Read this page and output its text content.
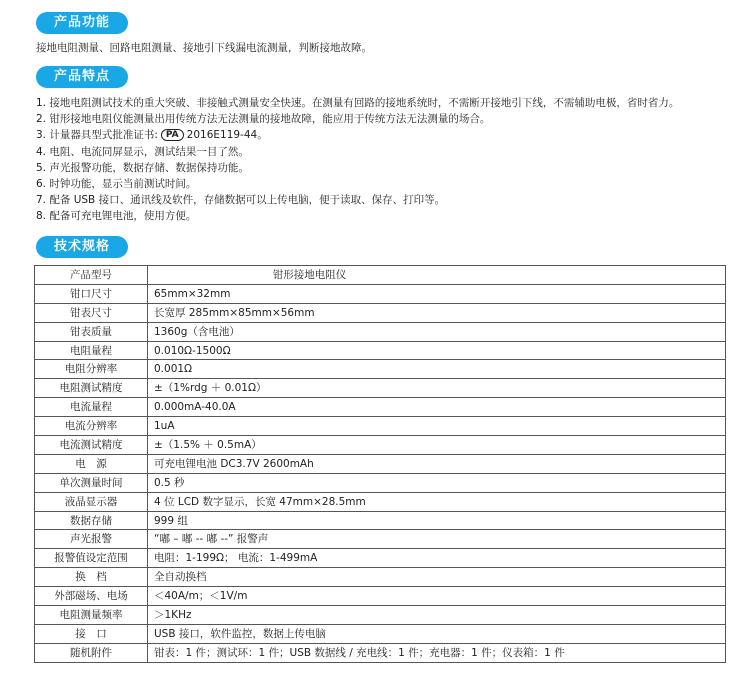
产品功能
接地电阻测量、回路电阻测量、接地引下线漏电流测量，判断接地故障。
产品特点
1. 接地电阻测试技术的重大突破、非接触式测量安全快速。在测量有回路的接地系统时，不需断开接地引下线，不需辅助电极，省时省力。
2. 钳形接地电阻仪能测量出用传统方法无法测量的接地故障，能应用于传统方法无法测量的场合。
3. 计量器具型式批准证书: PA 2016E119-44。
4. 电阻、电流同屏显示，测试结果一目了然。
5. 声光报警功能，数据存储、数据保持功能。
6. 时钟功能，显示当前测试时间。
7. 配备 USB 接口、通讯线及软件，存储数据可以上传电脑，便于读取、保存、打印等。
8. 配备可充电锂电池，使用方便。
技术规格
产品型号	钳形接地电阻仪
钳口尺寸	65mm×32mm
钳表尺寸	长宽厚 285mm×85mm×56mm
钳表质量	1360g（含电池）
电阻量程	0.010Ω-1500Ω
电阻分辨率	0.001Ω
电阻测试精度	±（1%rdg ＋ 0.01Ω）
电流量程	0.000mA-40.0A
电流分辨率	1uA
电流测试精度	±（1.5% ＋ 0.5mA）
电　源	可充电锂电池 DC3.7V 2600mAh
单次测量时间	0.5 秒
液晶显示器	4 位 LCD 数字显示，长宽 47mm×28.5mm
数据存储	999 组
声光报警	“嘟 – 嘟 -- 嘟 --” 报警声
报警值设定范围	电阻：1-199Ω； 电流：1-499mA
换　档	全自动换档
外部磁场、电场	＜40A/m；＜1V/m
电阻测量频率	＞1KHz
接　口	USB 接口，软件监控，数据上传电脑
随机附件	钳表：1 件；测试环：1 件；USB 数据线 / 充电线：1 件；充电器：1 件；仪表箱：1 件
